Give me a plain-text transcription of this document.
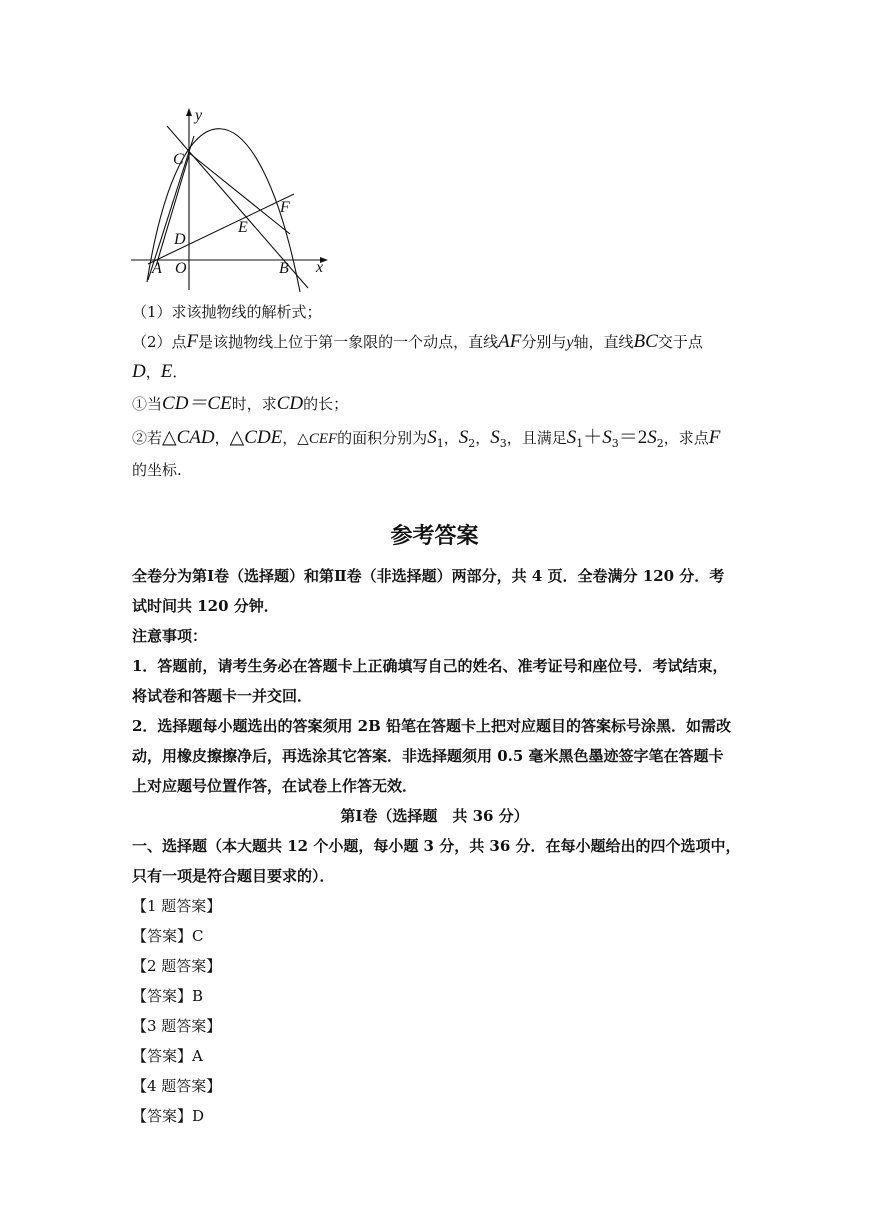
y
x
C
F
E
D
A O	B
（1）求该抛物线的解析式；
（2）点F是该抛物线上位于第一象限的一个动点，直线AF分别与y轴，直线BC交于点
D，E．
①当CD＝CE时，求CD的长；
②若△CAD，△CDE，△CEF的面积分别为$S_1$，$S_2$，$S_3$，且满足$S_1+S_3=2S_2$，求点F
的坐标.
参考答案
全卷分为第Ⅰ卷（选择题）和第Ⅱ卷（非选择题）两部分，共 4 页．全卷满分 120 分．考
试时间共 120 分钟．
注意事项：
1．答题前，请考生务必在答题卡上正确填写自己的姓名、准考证号和座位号．考试结束，
将试卷和答题卡一并交回．
2．选择题每小题选出的答案须用 2B 铅笔在答题卡上把对应题目的答案标号涂黑．如需改
动，用橡皮擦擦净后，再选涂其它答案．非选择题须用 0.5 毫米黑色墨迹签字笔在答题卡
上对应题号位置作答，在试卷上作答无效．
第Ⅰ卷（选择题　共 36 分）
一、选择题（本大题共 12 个小题，每小题 3 分，共 36 分．在每小题给出的四个选项中，
只有一项是符合题目要求的）．
【1 题答案】
【答案】C
【2 题答案】
【答案】B
【3 题答案】
【答案】A
【4 题答案】
【答案】D
